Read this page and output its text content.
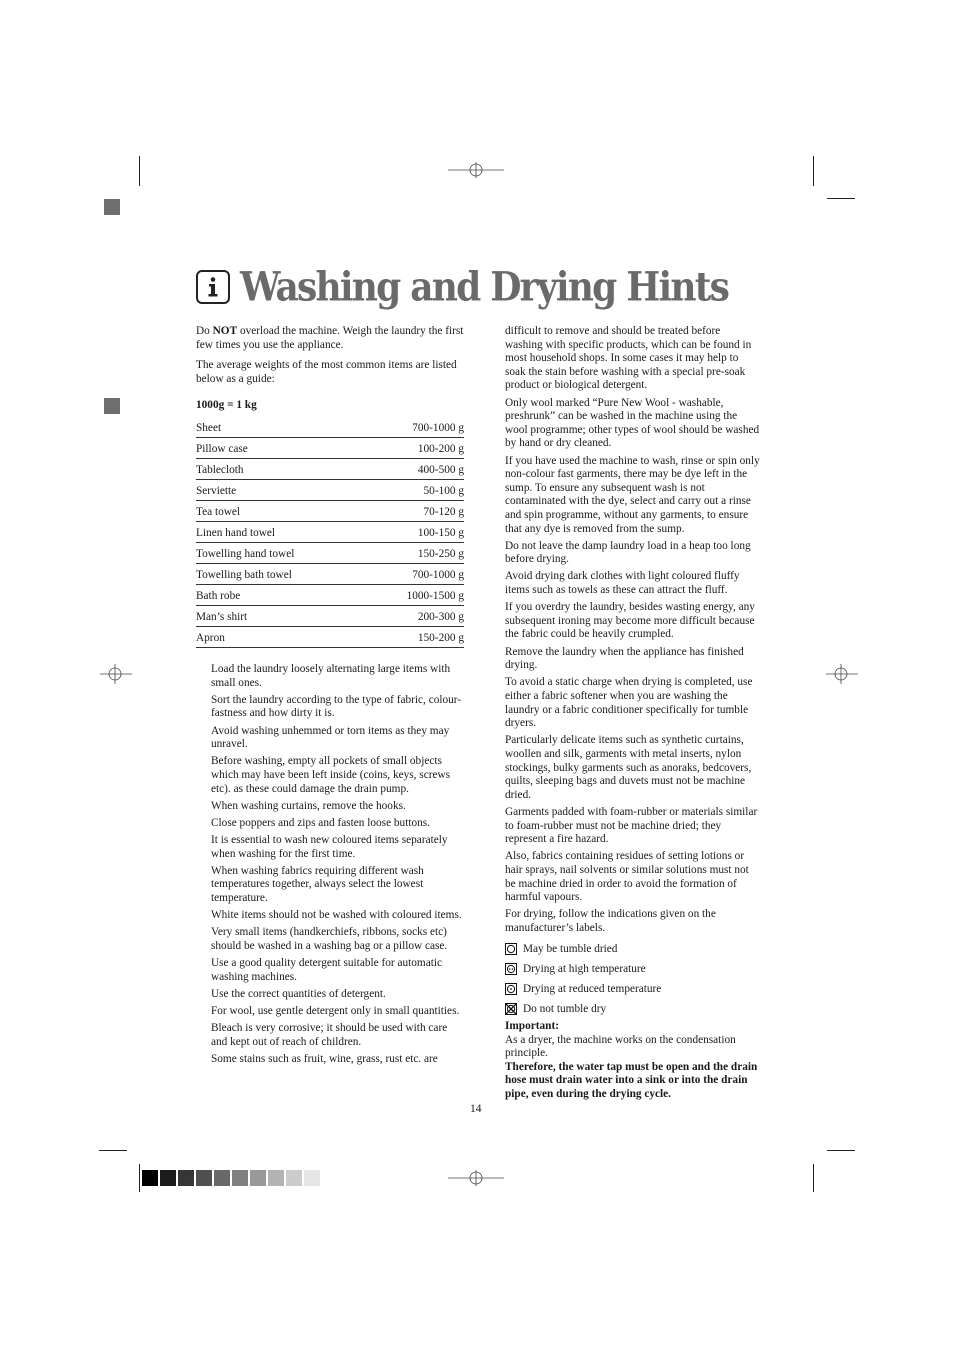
Washing and Drying Hints

Do NOT overload the machine. Weigh the laundry the first few times you use the appliance.

The average weights of the most common items are listed below as a guide:

1000g = 1 kg
Sheet	700-1000 g
Pillow case	100-200 g
Tablecloth	400-500 g
Serviette	50-100 g
Tea towel	70-120 g
Linen hand towel	100-150 g
Towelling hand towel	150-250 g
Towelling bath towel	700-1000 g
Bath robe	1000-1500 g
Man’s shirt	200-300 g
Apron	150-200 g

Load the laundry loosely alternating large items with small ones.

Sort the laundry according to the type of fabric, colour-fastness and how dirty it is.

Avoid washing unhemmed or torn items as they may unravel.

Before washing, empty all pockets of small objects which may have been left inside (coins, keys, screws etc). as these could damage the drain pump.

When washing curtains, remove the hooks.

Close poppers and zips and fasten loose buttons.

It is essential to wash new coloured items separately when washing for the first time.

When washing fabrics requiring different wash temperatures together, always select the lowest temperature.

White items should not be washed with coloured items.

Very small items (handkerchiefs, ribbons, socks etc) should be washed in a washing bag or a pillow case.

Use a good quality detergent suitable for automatic washing machines.

Use the correct quantities of detergent.

For wool, use gentle detergent only in small quantities.

Bleach is very corrosive; it should be used with care and kept out of reach of children.

Some stains such as fruit, wine, grass, rust etc. are

difficult to remove and should be treated before washing with specific products, which can be found in most household shops. In some cases it may help to soak the stain before washing with a special pre-soak product or biological detergent.

Only wool marked “Pure New Wool - washable, preshrunk” can be washed in the machine using the wool programme; other types of wool should be washed by hand or dry cleaned.

If you have used the machine to wash, rinse or spin only non-colour fast garments, there may be dye left in the sump. To ensure any subsequent wash is not contaminated with the dye, select and carry out a rinse and spin programme, without any garments, to ensure that any dye is removed from the sump.

Do not leave the damp laundry load in a heap too long before drying.

Avoid drying dark clothes with light coloured fluffy items such as towels as these can attract the fluff.

If you overdry the laundry, besides wasting energy, any subsequent ironing may become more difficult because the fabric could be heavily crumpled.

Remove the laundry when the appliance has finished drying.

To avoid a static charge when drying is completed, use either a fabric softener when you are washing the laundry or a fabric conditioner specifically for tumble dryers.

Particularly delicate items such as synthetic curtains, woollen and silk, garments with metal inserts, nylon stockings, bulky garments such as anoraks, bedcovers, quilts, sleeping bags and duvets must not be machine dried.

Garments padded with foam-rubber or materials similar to foam-rubber must not be machine dried; they represent a fire hazard.

Also, fabrics containing residues of setting lotions or hair sprays, nail solvents or similar solutions must not be machine dried in order to avoid the formation of harmful vapours.

For drying, follow the indications given on the manufacturer’s labels.

May be tumble dried
Drying at high temperature
Drying at reduced temperature
Do not tumble dry

Important:

As a dryer, the machine works on the condensation principle.

Therefore, the water tap must be open and the drain hose must drain water into a sink or into the drain pipe, even during the drying cycle.

14
